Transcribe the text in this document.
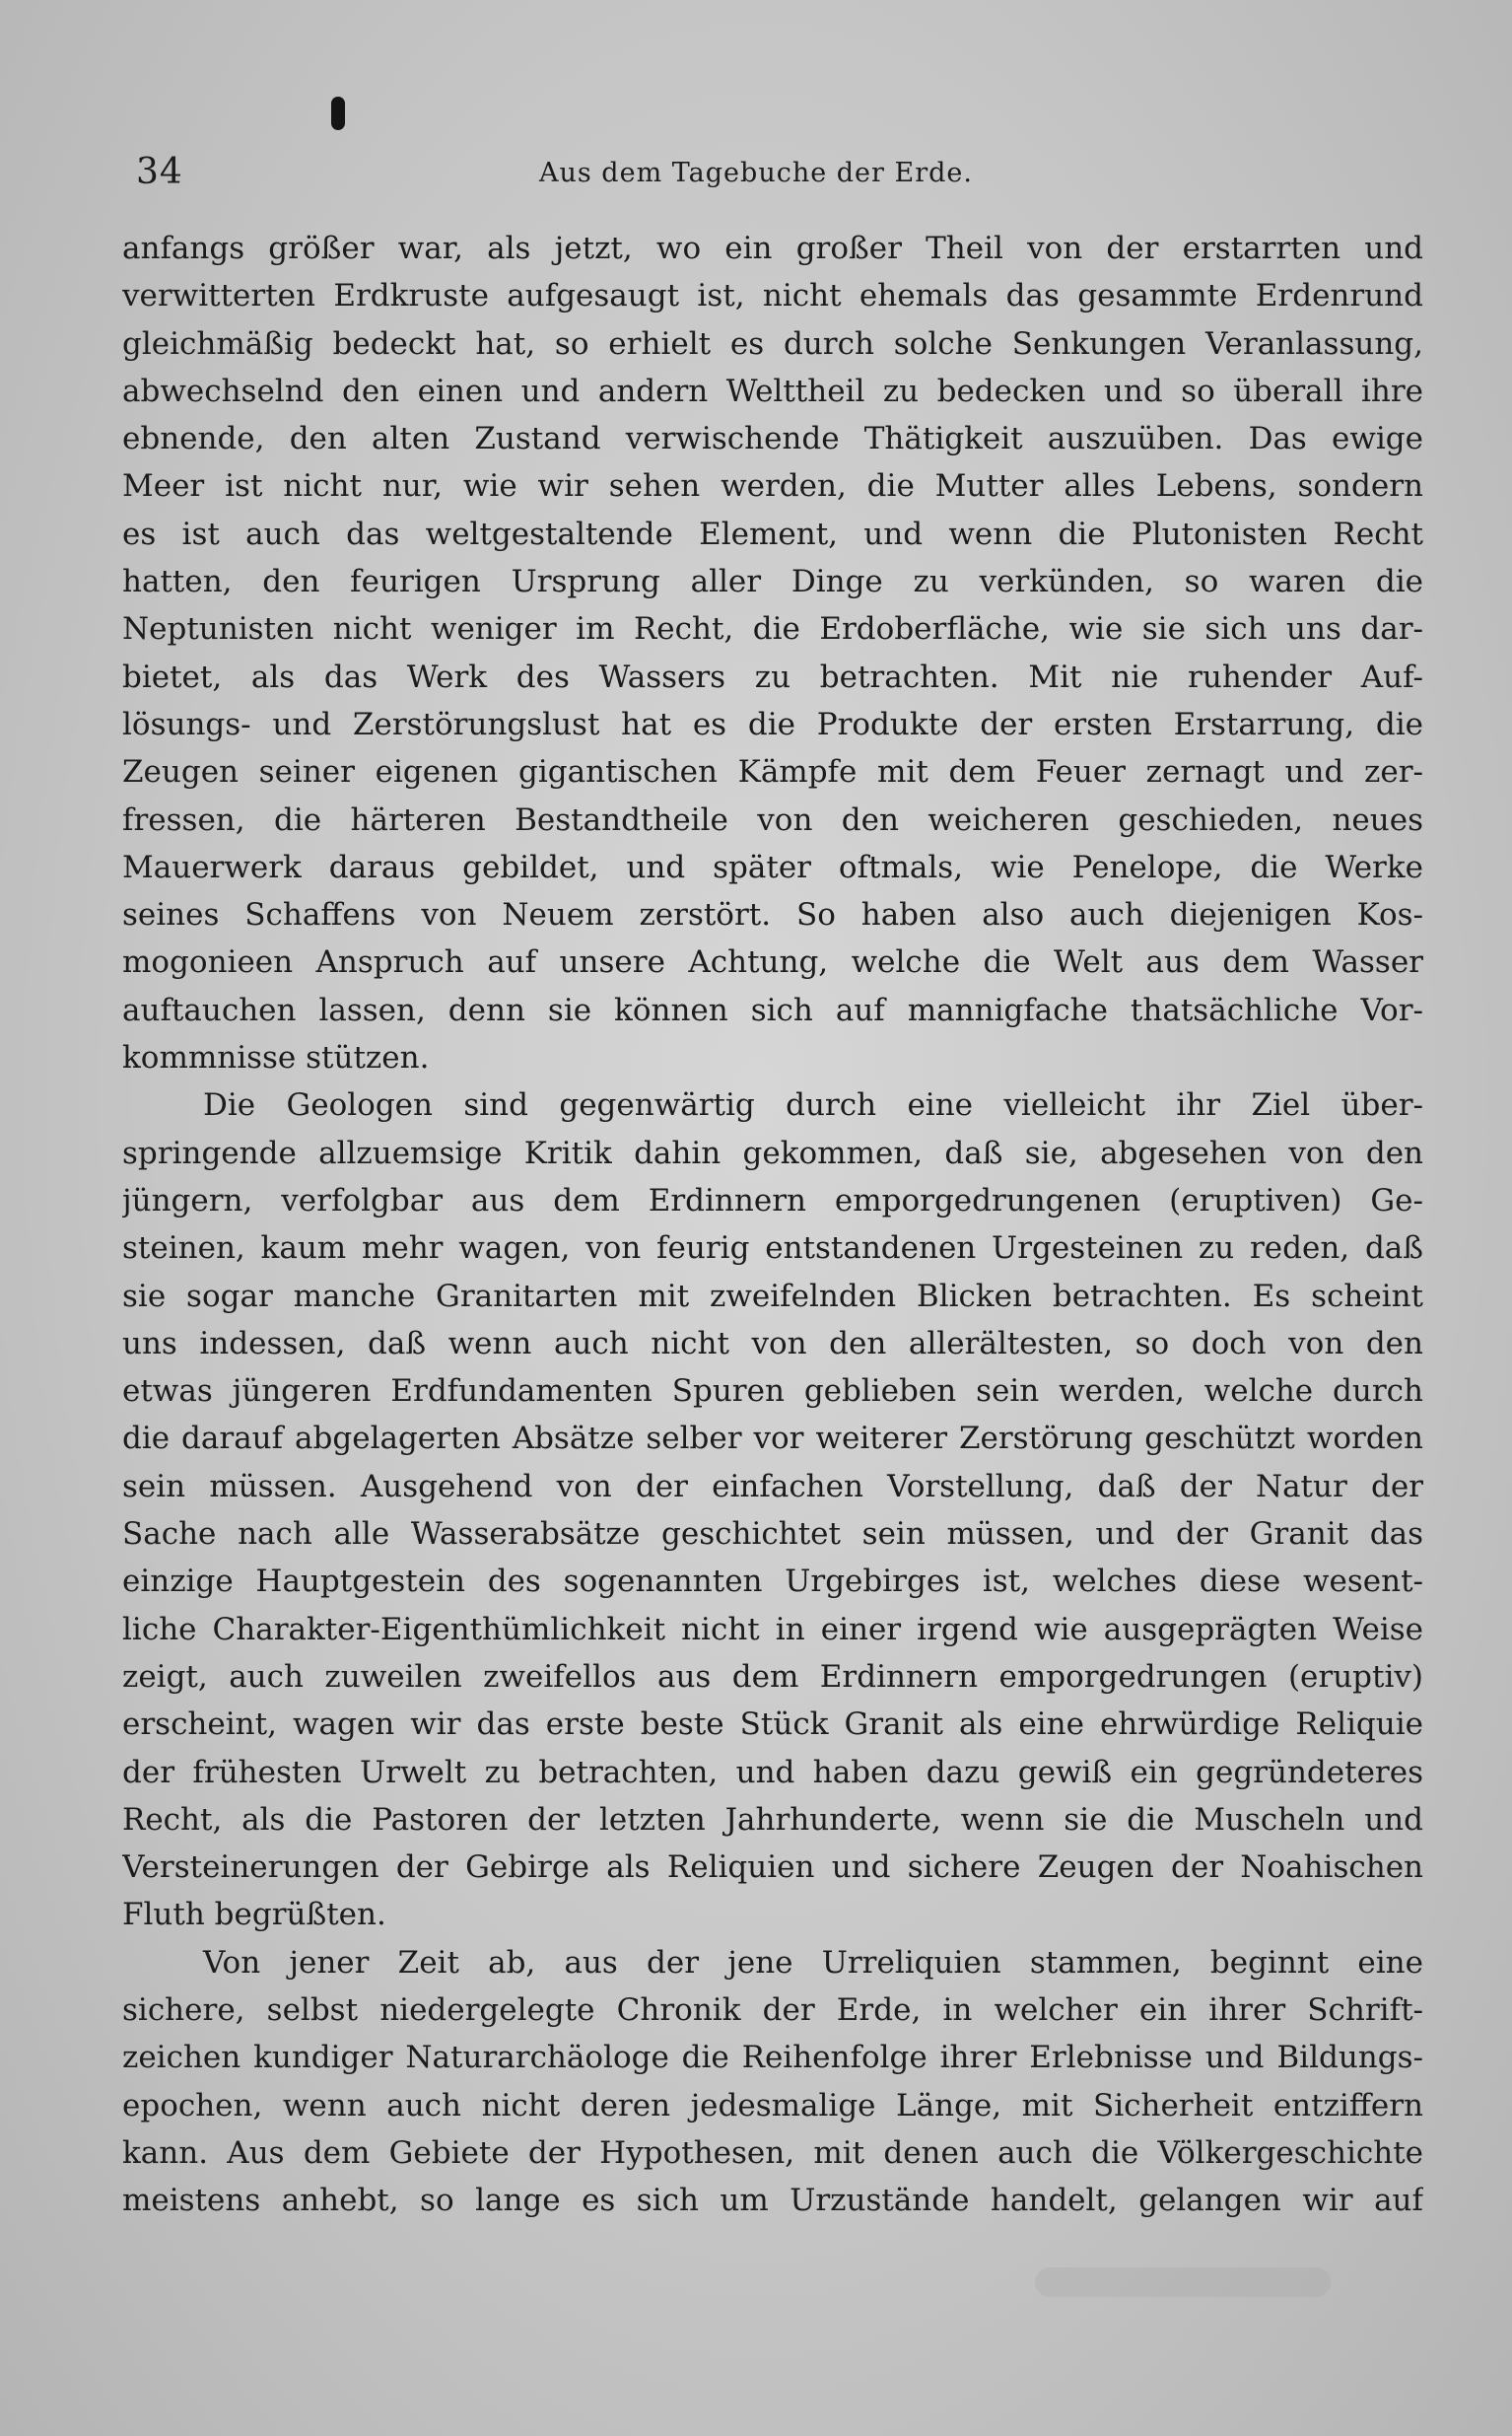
34	Aus dem Tagebuche der Erde.
anfangs größer war, als jetzt, wo ein großer Theil von der erstarrten und
verwitterten Erdkruste aufgesaugt ist, nicht ehemals das gesammte Erdenrund
gleichmäßig bedeckt hat, so erhielt es durch solche Senkungen Veranlassung,
abwechselnd den einen und andern Welttheil zu bedecken und so überall ihre
ebnende, den alten Zustand verwischende Thätigkeit auszuüben. Das ewige
Meer ist nicht nur, wie wir sehen werden, die Mutter alles Lebens, sondern
es ist auch das weltgestaltende Element, und wenn die Plutonisten Recht
hatten, den feurigen Ursprung aller Dinge zu verkünden, so waren die
Neptunisten nicht weniger im Recht, die Erdoberfläche, wie sie sich uns dar-
bietet, als das Werk des Wassers zu betrachten. Mit nie ruhender Auf-
lösungs- und Zerstörungslust hat es die Produkte der ersten Erstarrung, die
Zeugen seiner eigenen gigantischen Kämpfe mit dem Feuer zernagt und zer-
fressen, die härteren Bestandtheile von den weicheren geschieden, neues
Mauerwerk daraus gebildet, und später oftmals, wie Penelope, die Werke
seines Schaffens von Neuem zerstört. So haben also auch diejenigen Kos-
mogonieen Anspruch auf unsere Achtung, welche die Welt aus dem Wasser
auftauchen lassen, denn sie können sich auf mannigfache thatsächliche Vor-
kommnisse stützen.
Die Geologen sind gegenwärtig durch eine vielleicht ihr Ziel über-
springende allzuemsige Kritik dahin gekommen, daß sie, abgesehen von den
jüngern, verfolgbar aus dem Erdinnern emporgedrungenen (eruptiven) Ge-
steinen, kaum mehr wagen, von feurig entstandenen Urgesteinen zu reden, daß
sie sogar manche Granitarten mit zweifelnden Blicken betrachten. Es scheint
uns indessen, daß wenn auch nicht von den allerältesten, so doch von den
etwas jüngeren Erdfundamenten Spuren geblieben sein werden, welche durch
die darauf abgelagerten Absätze selber vor weiterer Zerstörung geschützt worden
sein müssen. Ausgehend von der einfachen Vorstellung, daß der Natur der
Sache nach alle Wasserabsätze geschichtet sein müssen, und der Granit das
einzige Hauptgestein des sogenannten Urgebirges ist, welches diese wesent-
liche Charakter-Eigenthümlichkeit nicht in einer irgend wie ausgeprägten Weise
zeigt, auch zuweilen zweifellos aus dem Erdinnern emporgedrungen (eruptiv)
erscheint, wagen wir das erste beste Stück Granit als eine ehrwürdige Reliquie
der frühesten Urwelt zu betrachten, und haben dazu gewiß ein gegründeteres
Recht, als die Pastoren der letzten Jahrhunderte, wenn sie die Muscheln und
Versteinerungen der Gebirge als Reliquien und sichere Zeugen der Noahischen
Fluth begrüßten.
Von jener Zeit ab, aus der jene Urreliquien stammen, beginnt eine
sichere, selbst niedergelegte Chronik der Erde, in welcher ein ihrer Schrift-
zeichen kundiger Naturarchäologe die Reihenfolge ihrer Erlebnisse und Bildungs-
epochen, wenn auch nicht deren jedesmalige Länge, mit Sicherheit entziffern
kann. Aus dem Gebiete der Hypothesen, mit denen auch die Völkergeschichte
meistens anhebt, so lange es sich um Urzustände handelt, gelangen wir auf
